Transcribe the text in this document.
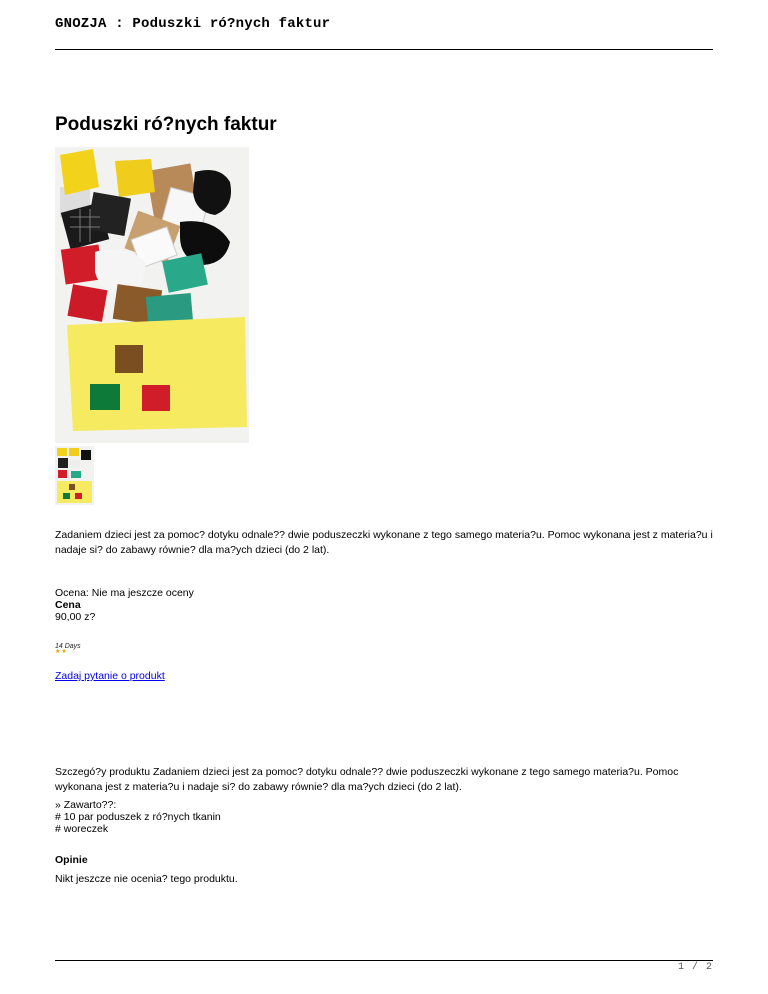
GNOZJA : Poduszki ró?nych faktur
Poduszki ró?nych faktur
Zadaniem dzieci jest za pomoc? dotyku odnale?? dwie poduszeczki wykonane z tego samego materia?u. Pomoc wykonana jest z materia?u i nadaje si? do zabawy równie? dla ma?ych dzieci (do 2 lat).
Ocena: Nie ma jeszcze oceny
Cena
90,00 z?
14 Days
★★
Zadaj pytanie o produkt
Szczegó?y produktu Zadaniem dzieci jest za pomoc? dotyku odnale?? dwie poduszeczki wykonane z tego samego materia?u. Pomoc wykonana jest z materia?u i nadaje si? do zabawy równie? dla ma?ych dzieci (do 2 lat).
» Zawarto??:
# 10 par poduszek z ró?nych tkanin
# woreczek
Opinie
Nikt jeszcze nie ocenia? tego produktu.
1 / 2
